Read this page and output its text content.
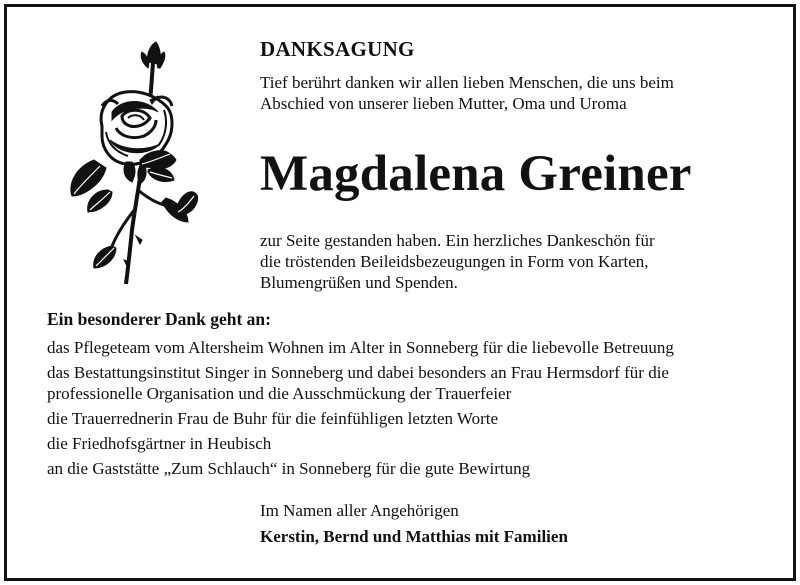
DANKSAGUNG
Tief berührt danken wir allen lieben Menschen, die uns beim
Abschied von unserer lieben Mutter, Oma und Uroma
Magdalena Greiner
zur Seite gestanden haben. Ein herzliches Dankeschön für
die tröstenden Beileidsbezeugungen in Form von Karten,
Blumengrüßen und Spenden.
Ein besonderer Dank geht an:
das Pflegeteam vom Altersheim Wohnen im Alter in Sonneberg für die liebevolle Betreuung
das Bestattungsinstitut Singer in Sonneberg und dabei besonders an Frau Hermsdorf für die
professionelle Organisation und die Ausschmückung der Trauerfeier
die Trauerrednerin Frau de Buhr für die feinfühligen letzten Worte
die Friedhofsgärtner in Heubisch
an die Gaststätte „Zum Schlauch“ in Sonneberg für die gute Bewirtung
Im Namen aller Angehörigen
Kerstin, Bernd und Matthias mit Familien
